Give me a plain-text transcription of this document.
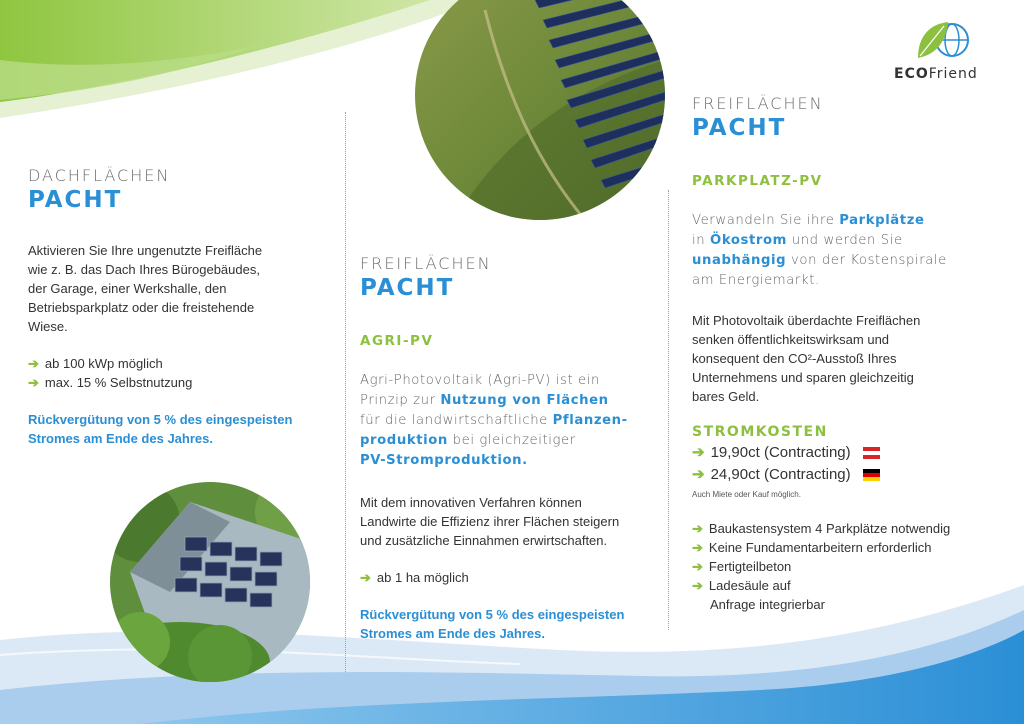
ECOFriend
DACHFLÄCHEN
PACHT
Aktivieren Sie Ihre ungenutzte Freifläche
wie z. B. das Dach Ihres Bürogebäudes,
der Garage, einer Werkshalle, den
Betriebsparkplatz oder die freistehende
Wiese.
➔ ab 100 kWp möglich
➔ max. 15 % Selbstnutzung
Rückvergütung von 5 % des eingespeisten
Stromes am Ende des Jahres.
FREIFLÄCHEN
PACHT
AGRI-PV
Agri-Photovoltaik (Agri-PV) ist ein
Prinzip zur Nutzung von Flächen
für die landwirtschaftliche Pflanzen-
produktion bei gleichzeitiger
PV-Stromproduktion.
Mit dem innovativen Verfahren können
Landwirte die Effizienz ihrer Flächen steigern
und zusätzliche Einnahmen erwirtschaften.
➔ ab 1 ha möglich
Rückvergütung von 5 % des eingespeisten
Stromes am Ende des Jahres.
FREIFLÄCHEN
PACHT
PARKPLATZ-PV
Verwandeln Sie ihre Parkplätze
in Ökostrom und werden Sie
unabhängig von der Kostenspirale
am Energiemarkt.
Mit Photovoltaik überdachte Freiflächen
senken öffentlichkeitswirksam und
konsequent den CO²-Ausstoß Ihres
Unternehmens und sparen gleichzeitig
bares Geld.
STROMKOSTEN
➔ 19,90ct (Contracting)
➔ 24,90ct (Contracting)
Auch Miete oder Kauf möglich.
➔ Baukastensystem 4 Parkplätze notwendig
➔ Keine Fundamentarbeitern erforderlich
➔ Fertigteilbeton
➔ Ladesäule auf
Anfrage integrierbar
